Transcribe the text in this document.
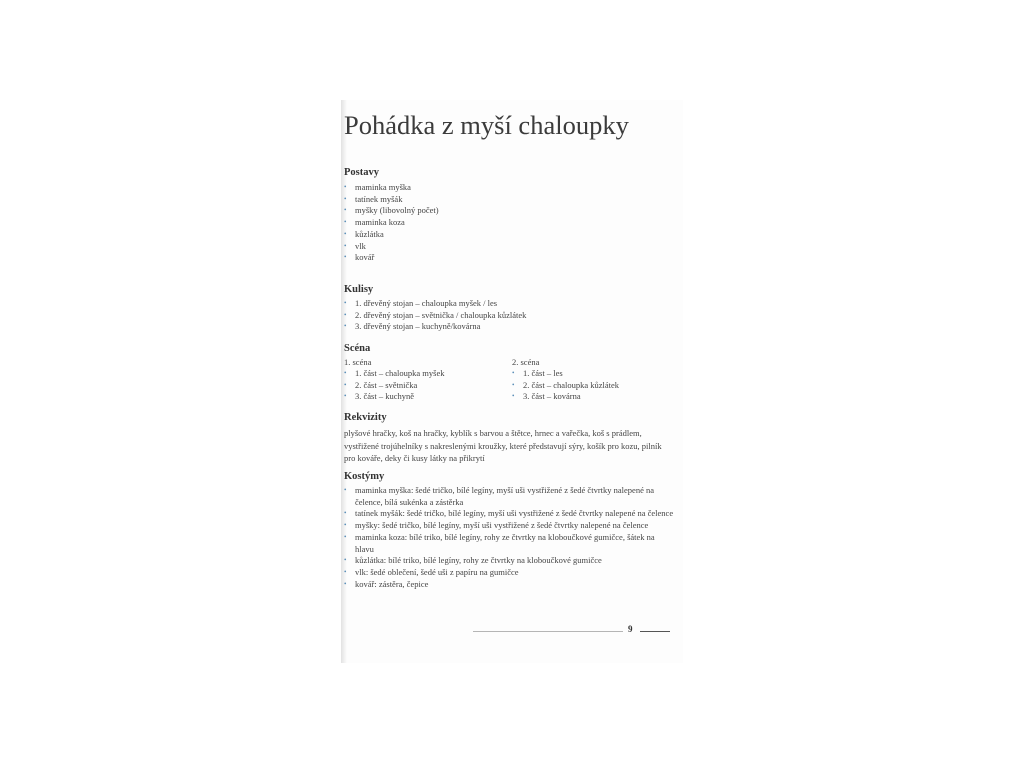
Pohádka z myší chaloupky
Postavy
• maminka myška
• tatínek myšák
• myšky (libovolný počet)
• maminka koza
• kůzlátka
• vlk
• kovář
Kulisy
• 1. dřevěný stojan – chaloupka myšek / les
• 2. dřevěný stojan – světnička / chaloupka kůzlátek
• 3. dřevěný stojan – kuchyně/kovárna
Scéna
1. scéna
• 1. část – chaloupka myšek
• 2. část – světnička
• 3. část – kuchyně
2. scéna
• 1. část – les
• 2. část – chaloupka kůzlátek
• 3. část – kovárna
Rekvizity

plyšové hračky, koš na hračky, kyblík s barvou a štětce, hrnec a vařečka, koš s prádlem, vystřižené trojúhelníky s nakreslenými kroužky, které představují sýry, košík pro kozu, pilník pro kováře, deky či kusy látky na přikrytí

Kostýmy
• maminka myška: šedé tričko, bílé legíny, myší uši vystřižené z šedé čtvrtky nalepené na čelence, bílá sukénka a zástěrka
• tatínek myšák: šedé tričko, bílé legíny, myší uši vystřižené z šedé čtvrtky nalepené na čelence
• myšky: šedé tričko, bílé legíny, myší uši vystřižené z šedé čtvrtky nalepené na čelence
• maminka koza: bílé triko, bílé legíny, rohy ze čtvrtky na kloboučkové gumičce, šátek na hlavu
• kůzlátka: bílé triko, bílé legíny, rohy ze čtvrtky na kloboučkové gumičce
• vlk: šedé oblečení, šedé uši z papíru na gumičce
• kovář: zástěra, čepice
9
